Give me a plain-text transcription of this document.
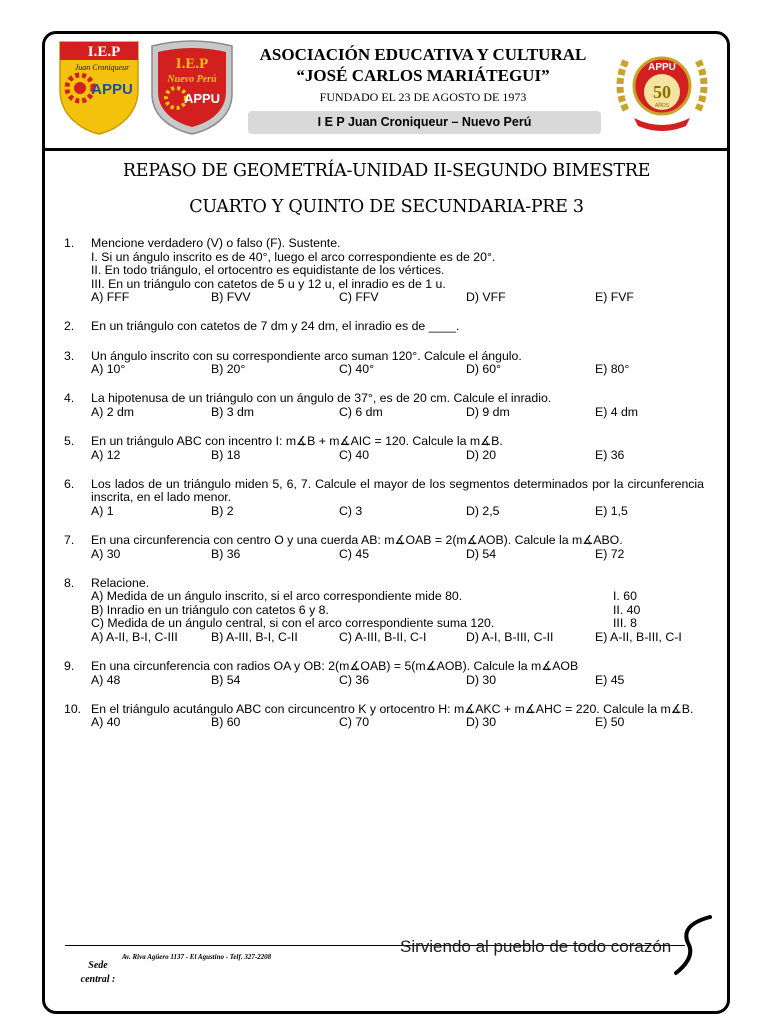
I.E.P
Juan Croniqueur
APPU
I.E.P
Nuevo Perú
APPU
APPU
50
AÑOS
ASOCIACIÓN EDUCATIVA Y CULTURAL
“JOSÉ CARLOS MARIÁTEGUI”
FUNDADO EL 23 DE AGOSTO DE 1973
I E P Juan Croniqueur – Nuevo Perú
REPASO DE GEOMETRÍA-UNIDAD II-SEGUNDO BIMESTRE
CUARTO Y QUINTO DE SECUNDARIA-PRE 3
1.	Mencione verdadero (V) o falso (F). Sustente.
I. Si un ángulo inscrito es de 40°, luego el arco correspondiente es de 20°.
II. En todo triángulo, el ortocentro es equidistante de los vértices.
III. En un triángulo con catetos de 5 u y 12 u, el inradio es de 1 u.
A) FFF	B) FVV	C) FFV	D) VFF	E) FVF
2.	En un triángulo con catetos de 7 dm y 24 dm, el inradio es de ____.
3.	Un ángulo inscrito con su correspondiente arco suman 120°. Calcule el ángulo.
A) 10°	B) 20°	C) 40°	D) 60°	E) 80°
4.	La hipotenusa de un triángulo con un ángulo de 37°, es de 20 cm. Calcule el inradio.
A) 2 dm	B) 3 dm	C) 6 dm	D) 9 dm	E) 4 dm
5.	En un triángulo ABC con incentro I: m∡B + m∡AIC = 120. Calcule la m∡B.
A) 12	B) 18	C) 40	D) 20	E) 36
6.	Los lados de un triángulo miden 5, 6, 7. Calcule el mayor de los segmentos determinados por la circunferencia inscrita, en el lado menor.
A) 1	B) 2	C) 3	D) 2,5	E) 1,5
7.	En una circunferencia con centro O y una cuerda AB: m∡OAB = 2(m∡AOB). Calcule la m∡ABO.
A) 30	B) 36	C) 45	D) 54	E) 72
8.	Relacione.
A) Medida de un ángulo inscrito, si el arco correspondiente mide 80.	I. 60
B) Inradio en un triángulo con catetos 6 y 8.	II. 40
C) Medida de un ángulo central, si con el arco correspondiente suma 120.	III. 8
A) A-II, B-I, C-III	B) A-III, B-I, C-II	C) A-III, B-II, C-I	D) A-I, B-III, C-II	E) A-II, B-III, C-I
9.	En una circunferencia con radios OA y OB: 2(m∡OAB) = 5(m∡AOB). Calcule la m∡AOB
A) 48	B) 54	C) 36	D) 30	E) 45
10. En el triángulo acutángulo ABC con circuncentro K y ortocentro H: m∡AKC + m∡AHC = 220. Calcule la m∡B.
A) 40	B) 60	C) 70	D) 30	E) 50
Sirviendo al pueblo de todo corazón
Av. Riva Agüero 1137 - El Agustino - Telf. 327-2208
Sede central :
